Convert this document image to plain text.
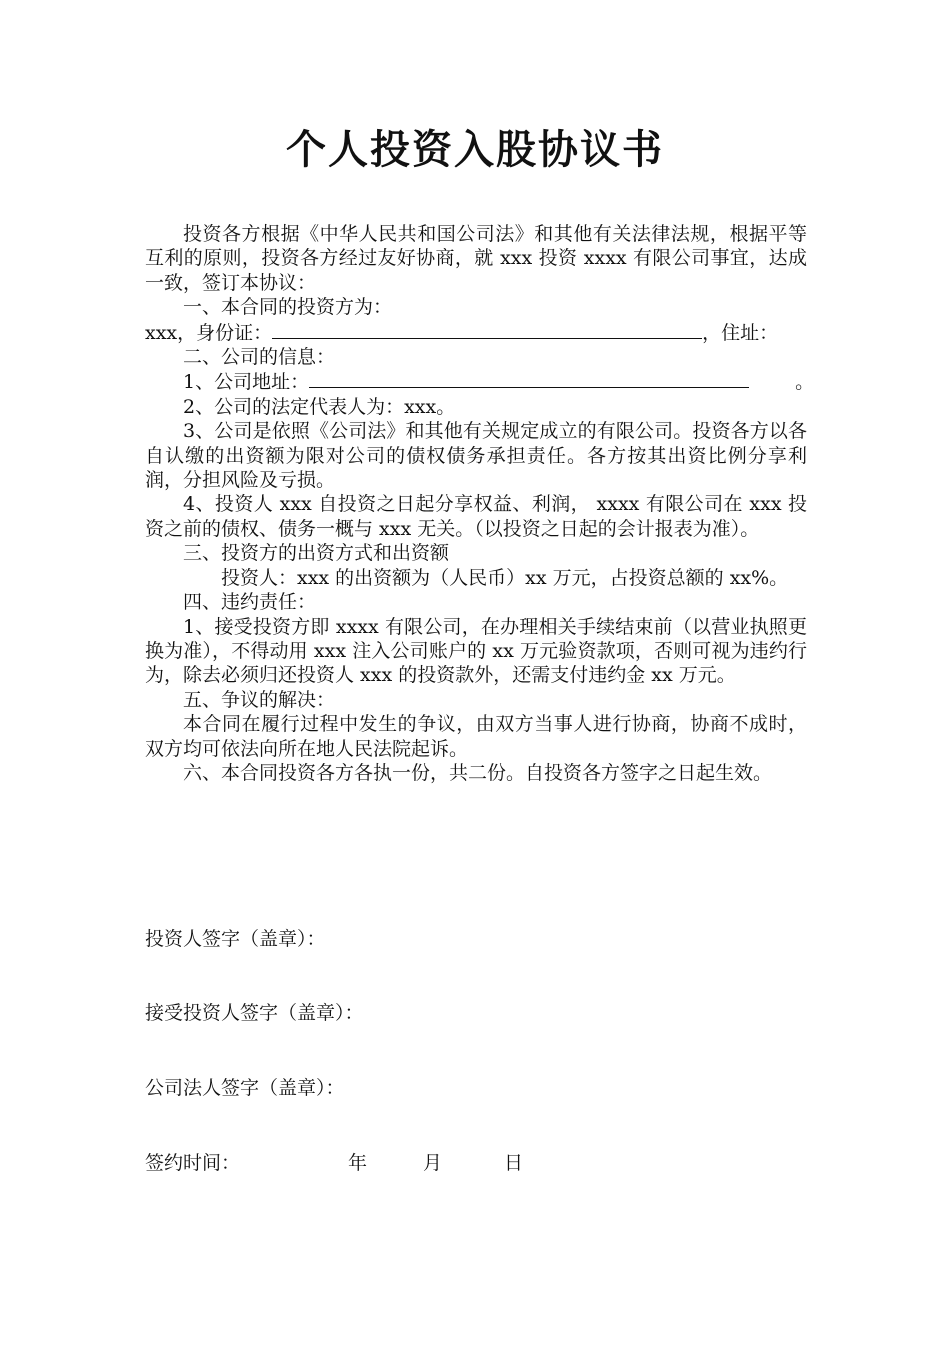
个人投资入股协议书

投资各方根据《中华人民共和国公司法》和其他有关法律法规，根据平等互利的原则，投资各方经过友好协商，就 xxx 投资 xxxx 有限公司事宜，达成一致，签订本协议：

一、本合同的投资方为：

xxx，身份证：	，住址：

二、公司的信息：

1、公司地址：	。

2、公司的法定代表人为：xxx。

3、公司是依照《公司法》和其他有关规定成立的有限公司。投资各方以各自认缴的出资额为限对公司的债权债务承担责任。各方按其出资比例分享利润，分担风险及亏损。

4、投资人 xxx 自投资之日起分享权益、利润， xxxx 有限公司在 xxx 投资之前的债权、债务一概与 xxx 无关。（以投资之日起的会计报表为准）。

三、投资方的出资方式和出资额

投资人：xxx 的出资额为（人民币）xx 万元，占投资总额的 xx%。

四、违约责任：

1、接受投资方即 xxxx 有限公司，在办理相关手续结束前（以营业执照更换为准），不得动用 xxx 注入公司账户的 xx 万元验资款项，否则可视为违约行为，除去必须归还投资人 xxx 的投资款外，还需支付违约金 xx 万元。

五、争议的解决：

本合同在履行过程中发生的争议，由双方当事人进行协商，协商不成时，双方均可依法向所在地人民法院起诉。

六、本合同投资各方各执一份，共二份。自投资各方签字之日起生效。

投资人签字（盖章）：
接受投资人签字（盖章）：
公司法人签字（盖章）：
签约时间：	年	月	日
